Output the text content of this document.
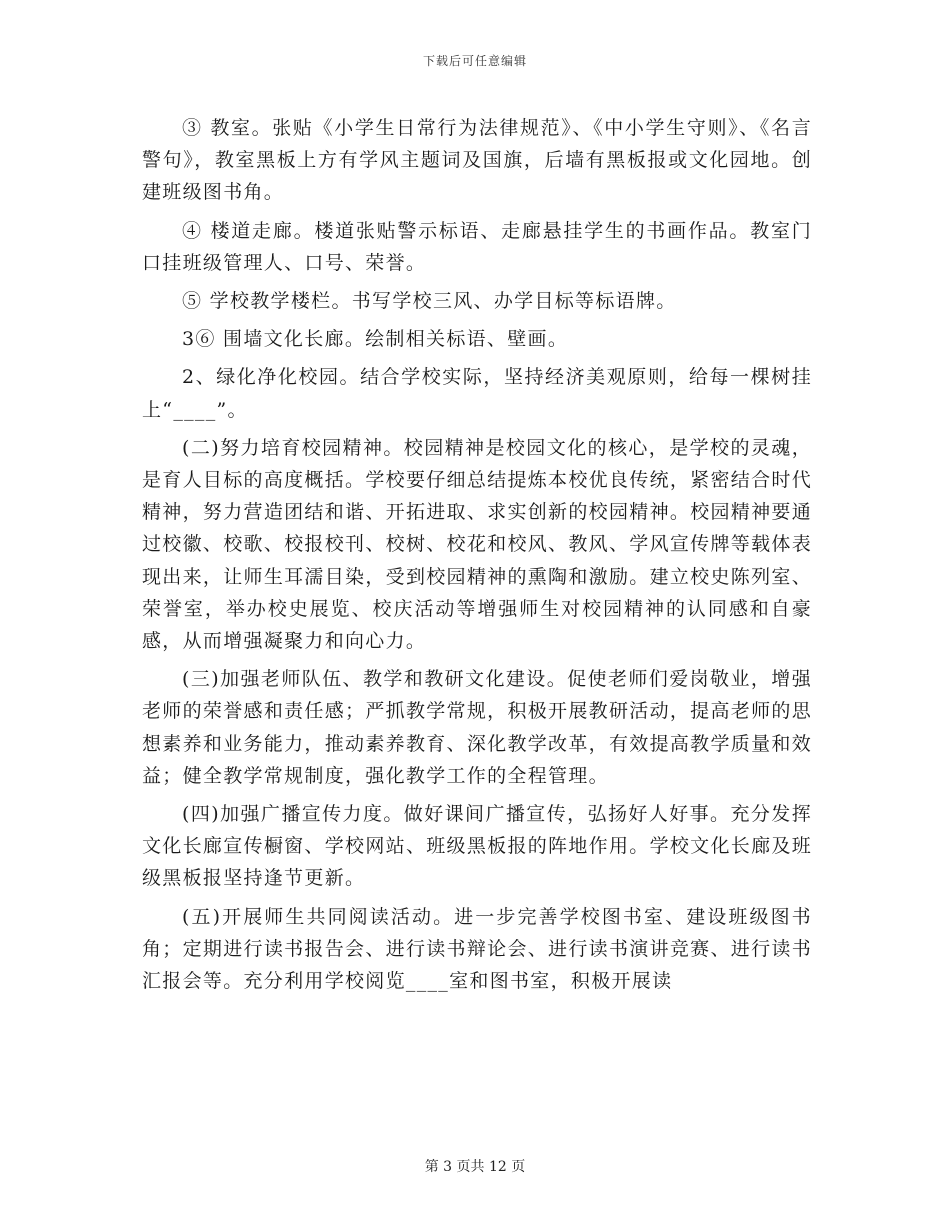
下载后可任意编辑

③ 教室。张贴《小学生日常行为法律规范》、《中小学生守则》、《名言警句》，教室黑板上方有学风主题词及国旗，后墙有黑板报或文化园地。创建班级图书角。

④ 楼道走廊。楼道张贴警示标语、走廊悬挂学生的书画作品。教室门口挂班级管理人、口号、荣誉。

⑤ 学校教学楼栏。书写学校三风、办学目标等标语牌。

3⑥ 围墙文化长廊。绘制相关标语、壁画。

2、绿化净化校园。结合学校实际，坚持经济美观原则，给每一棵树挂上“____”。

(二)努力培育校园精神。校园精神是校园文化的核心，是学校的灵魂，是育人目标的高度概括。学校要仔细总结提炼本校优良传统，紧密结合时代精神，努力营造团结和谐、开拓进取、求实创新的校园精神。校园精神要通过校徽、校歌、校报校刊、校树、校花和校风、教风、学风宣传牌等载体表现出来，让师生耳濡目染，受到校园精神的熏陶和激励。建立校史陈列室、荣誉室，举办校史展览、校庆活动等增强师生对校园精神的认同感和自豪感，从而增强凝聚力和向心力。

(三)加强老师队伍、教学和教研文化建设。促使老师们爱岗敬业，增强老师的荣誉感和责任感；严抓教学常规，积极开展教研活动，提高老师的思想素养和业务能力，推动素养教育、深化教学改革，有效提高教学质量和效益；健全教学常规制度，强化教学工作的全程管理。

(四)加强广播宣传力度。做好课间广播宣传，弘扬好人好事。充分发挥文化长廊宣传橱窗、学校网站、班级黑板报的阵地作用。学校文化长廊及班级黑板报坚持逢节更新。

(五)开展师生共同阅读活动。进一步完善学校图书室、建设班级图书角；定期进行读书报告会、进行读书辩论会、进行读书演讲竞赛、进行读书汇报会等。充分利用学校阅览____室和图书室，积极开展读

第 3 页共 12 页
